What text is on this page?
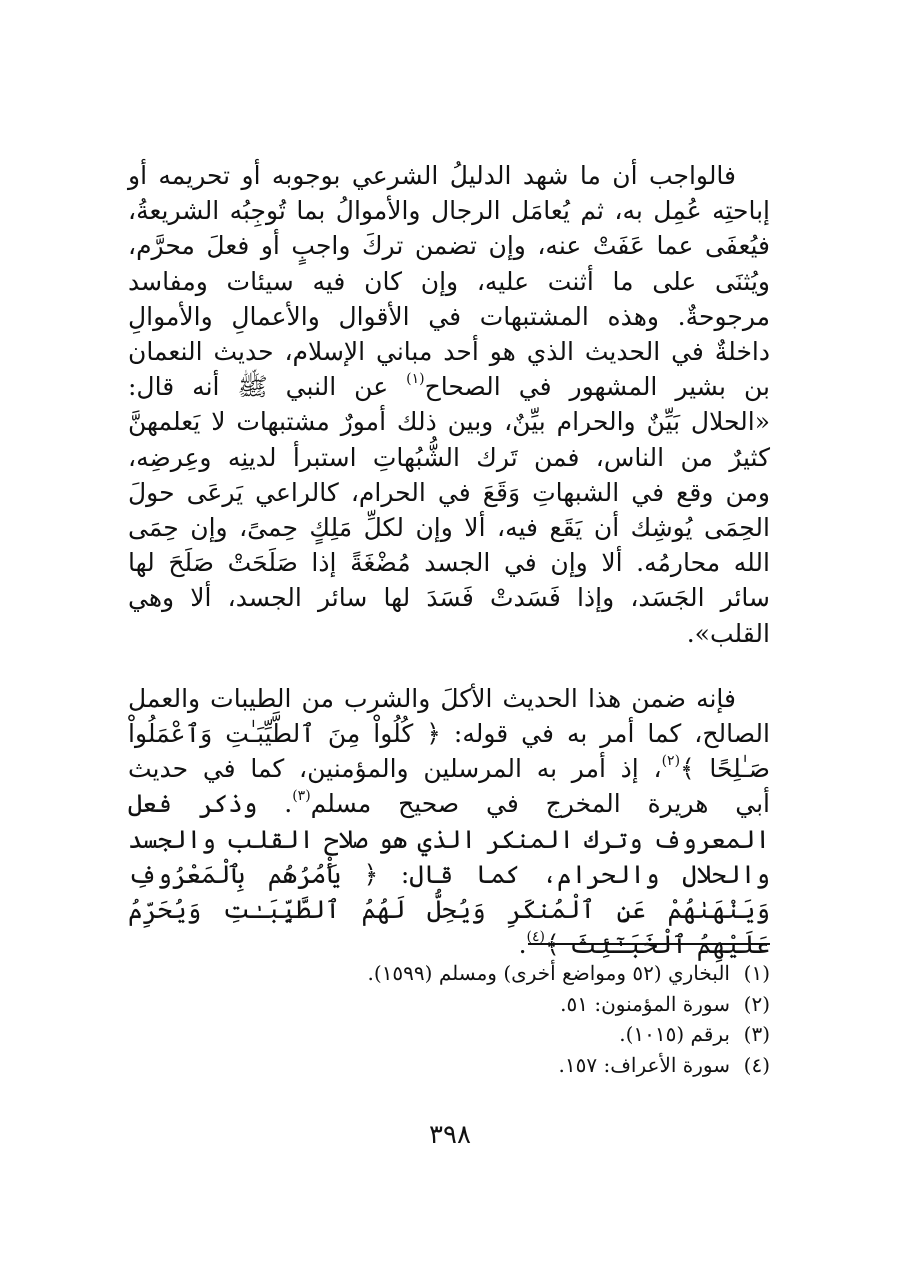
فالواجب أن ما شهد الدليلُ الشرعي بوجوبه أو تحريمه أو إباحتِه عُمِل به، ثم يُعامَل الرجال والأموالُ بما تُوجِبُه الشريعةُ، فيُعفَى عما عَفَتْ عنه، وإن تضمن تركَ واجبٍ أو فعلَ محرَّم، ويُثنَى على ما أثنت عليه، وإن كان فيه سيئات ومفاسد مرجوحةٌ. وهذه المشتبهات في الأقوال والأعمالِ والأموالِ داخلةٌ في الحديث الذي هو أحد مباني الإسلام، حديث النعمان بن بشير المشهور في الصحاح$^{(١)}$ عن النبي ﷺ أنه قال: «الحلال بَيِّنٌ والحرام بيِّنٌ، وبين ذلك أمورٌ مشتبهات لا يَعلمهنَّ كثيرٌ من الناس، فمن تَرك الشُّبُهاتِ استبرأ لدينِه وعِرضِه، ومن وقع في الشبهاتِ وَقَعَ في الحرام، كالراعي يَرعَى حولَ الحِمَى يُوشِك أن يَقَع فيه، ألا وإن لكلِّ مَلِكٍ حِمىً، وإن حِمَى الله محارمُه. ألا وإن في الجسد مُضْغَةً إذا صَلَحَتْ صَلَحَ لها سائر الجَسَد، وإذا فَسَدتْ فَسَدَ لها سائر الجسد، ألا وهي القلب».

فإنه ضمن هذا الحديث الأكلَ والشرب من الطيبات والعمل الصالح، كما أمر به في قوله: ﴿ كُلُواْ مِنَ ٱلطَّيِّبَـٰتِ وَٱعْمَلُواْ صَـٰلِحًا ﴾$^{(٢)}$، إذ أمر به المرسلين والمؤمنين، كما في حديث أبي هريرة المخرج في صحيح مسلم$^{(٣)}$. وذكر فعل المعروف وترك المنكر الذي هو صلاح القلب والجسد والحلال والحرام، كما قال: ﴿ يَأْمُرُهُم بِٱلْمَعْرُوفِ وَيَنْهَىٰهُمْ عَنِ ٱلْمُنكَرِ وَيُحِلُّ لَهُمُ ٱلطَّيِّبَـٰتِ وَيُحَرِّمُ عَلَيْهِمُ ٱلْخَبَـٰٓئِثَ ﴾$^{(٤)}$.

(١)البخاري (٥٢ ومواضع أخرى) ومسلم (١٥٩٩).
(٢)سورة المؤمنون: ٥١.
(٣)برقم (١٠١٥).
(٤)سورة الأعراف: ١٥٧.
٣٩٨
